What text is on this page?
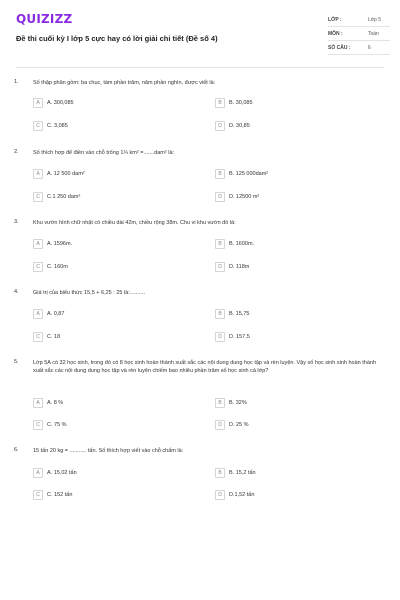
QUIZIZZ
Đề thi cuối kỳ I lớp 5 cực hay có lời giải chi tiết (Đề số 4)
LỚP :	Lớp 5
MÔN :	Toán
SỐ CÂU :	6
1.	Số thập phân gồm: ba chục, tám phần trăm, năm phần nghìn, được viết là:
A	A. 300,085	B	B. 30,085
C	C. 3,085	D	D. 30,85
2.	Số thích hợp để điền vào chỗ trống 1¼ km² =.......dam² là:
A	A. 12 500 dam²	B	B. 125 000dam²
C	C.1 250 dam²	D	D. 12500 m²
3.	Khu vườn hình chữ nhật có chiều dài 42m, chiều rộng 38m. Chu vi khu vườn đó là:
A	A. 1596m.	B	B. 1600m.
C	C. 160m	D	D. 118m
4.	Giá trị của biểu thức 15,5 + 6,25 : 25 là:..........
A	A. 0,87	B	B. 15,75
C	C. 18	D	D. 157,5
5.	Lớp 5A có 32 học sinh, trong đó có 8 học sinh hoàn thành xuất sắc các nội dung dung học tập và rèn luyện. Vậy số học sinh sinh hoàn thành xuất sắc các nội dung dung học tập và rèn luyện chiếm bao nhiêu phần trăm số học sinh cả lớp?
A	A. 8 %	B	B. 32%
C	C. 75 %	D	D. 25 %
6.	15 tấn 20 kg = ........... tấn. Số thích hợp viết vào chỗ chấm là:
A	A. 15,02 tấn	B	B. 15,2 tấn
C	C. 152 tấn	D	D.1,52 tấn
